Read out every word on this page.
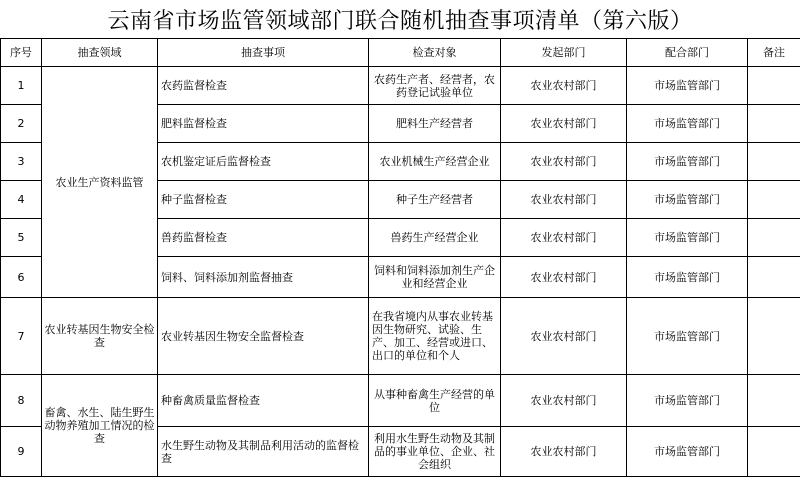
云南省市场监管领域部门联合随机抽查事项清单（第六版）
序号	抽查领域	抽查事项	检查对象	发起部门	配合部门	备注
1	农业生产资料监管	农药监督检查	农药生产者、经营者，农药登记试验单位	农业农村部门	市场监管部门	
2		肥料监督检查	肥料生产经营者	农业农村部门	市场监管部门	
3		农机鉴定证后监督检查	农业机械生产经营企业	农业农村部门	市场监管部门	
4		种子监督检查	种子生产经营者	农业农村部门	市场监管部门	
5		兽药监督检查	兽药生产经营企业	农业农村部门	市场监管部门	
6		饲料、饲料添加剂监督抽查	饲料和饲料添加剂生产企业和经营企业	农业农村部门	市场监管部门	
7	农业转基因生物安全检查	农业转基因生物安全监督检查	在我省境内从事农业转基因生物研究、试验、生产、加工、经营或进口、出口的单位和个人	农业农村部门	市场监管部门	
8	畜禽、水生、陆生野生动物养殖加工情况的检查	种畜禽质量监督检查	从事种畜禽生产经营的单位	农业农村部门	市场监管部门	
9		水生野生动物及其制品利用活动的监督检查	利用水生野生动物及其制品的事业单位、企业、社会组织	农业农村部门	市场监管部门	
